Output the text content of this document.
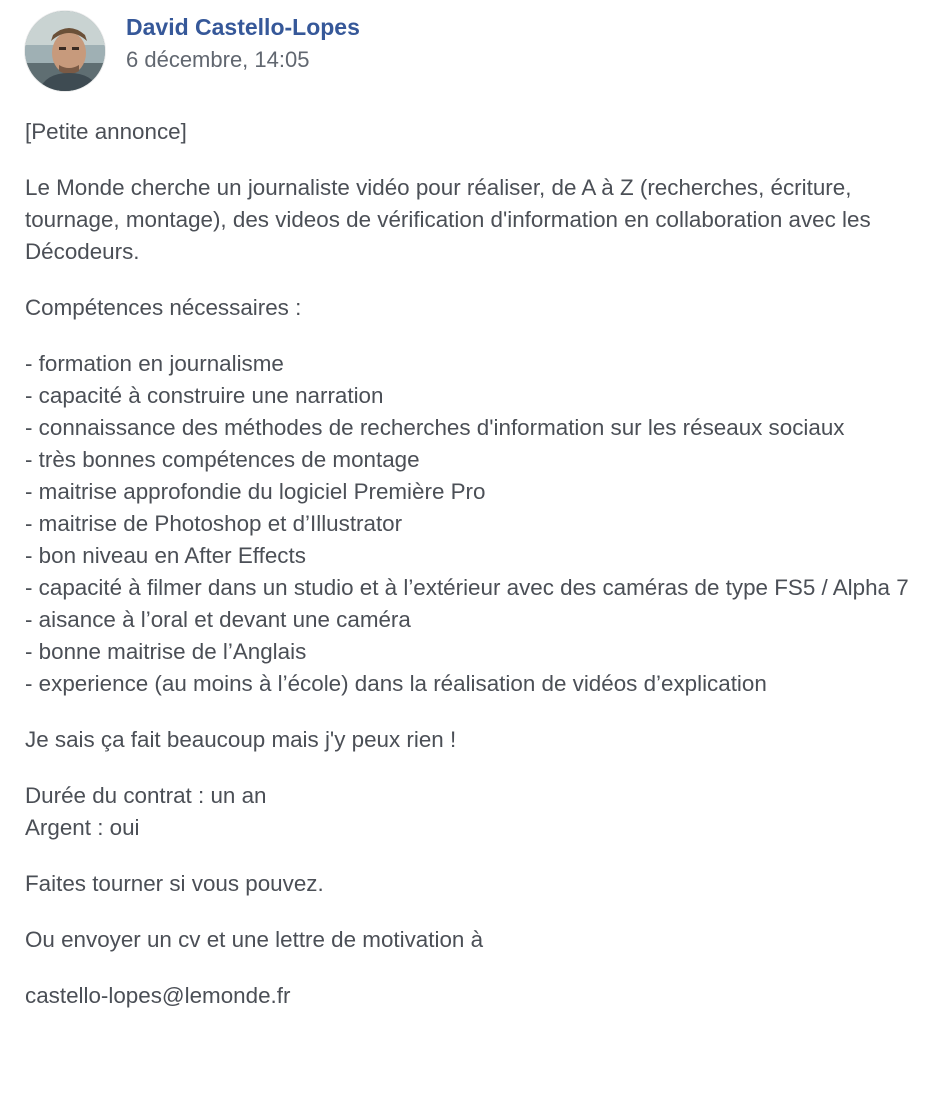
David Castello-Lopes
6 décembre, 14:05

[Petite annonce]

Le Monde cherche un journaliste vidéo pour réaliser, de A à Z (recherches, écriture, tournage, montage), des videos de vérification d'information en collaboration avec les Décodeurs.

Compétences nécessaires :

- formation en journalisme
- capacité à construire une narration
- connaissance des méthodes de recherches d'information sur les réseaux sociaux
- très bonnes compétences de montage
- maitrise approfondie du logiciel Première Pro
- maitrise de Photoshop et d’Illustrator
- bon niveau en After Effects
- capacité à filmer dans un studio et à l’extérieur avec des caméras de type FS5 / Alpha 7
- aisance à l’oral et devant une caméra
- bonne maitrise de l’Anglais
- experience (au moins à l’école) dans la réalisation de vidéos d’explication

Je sais ça fait beaucoup mais j'y peux rien !

Durée du contrat : un an
Argent : oui

Faites tourner si vous pouvez.

Ou envoyer un cv et une lettre de motivation à

castello-lopes@lemonde.fr
